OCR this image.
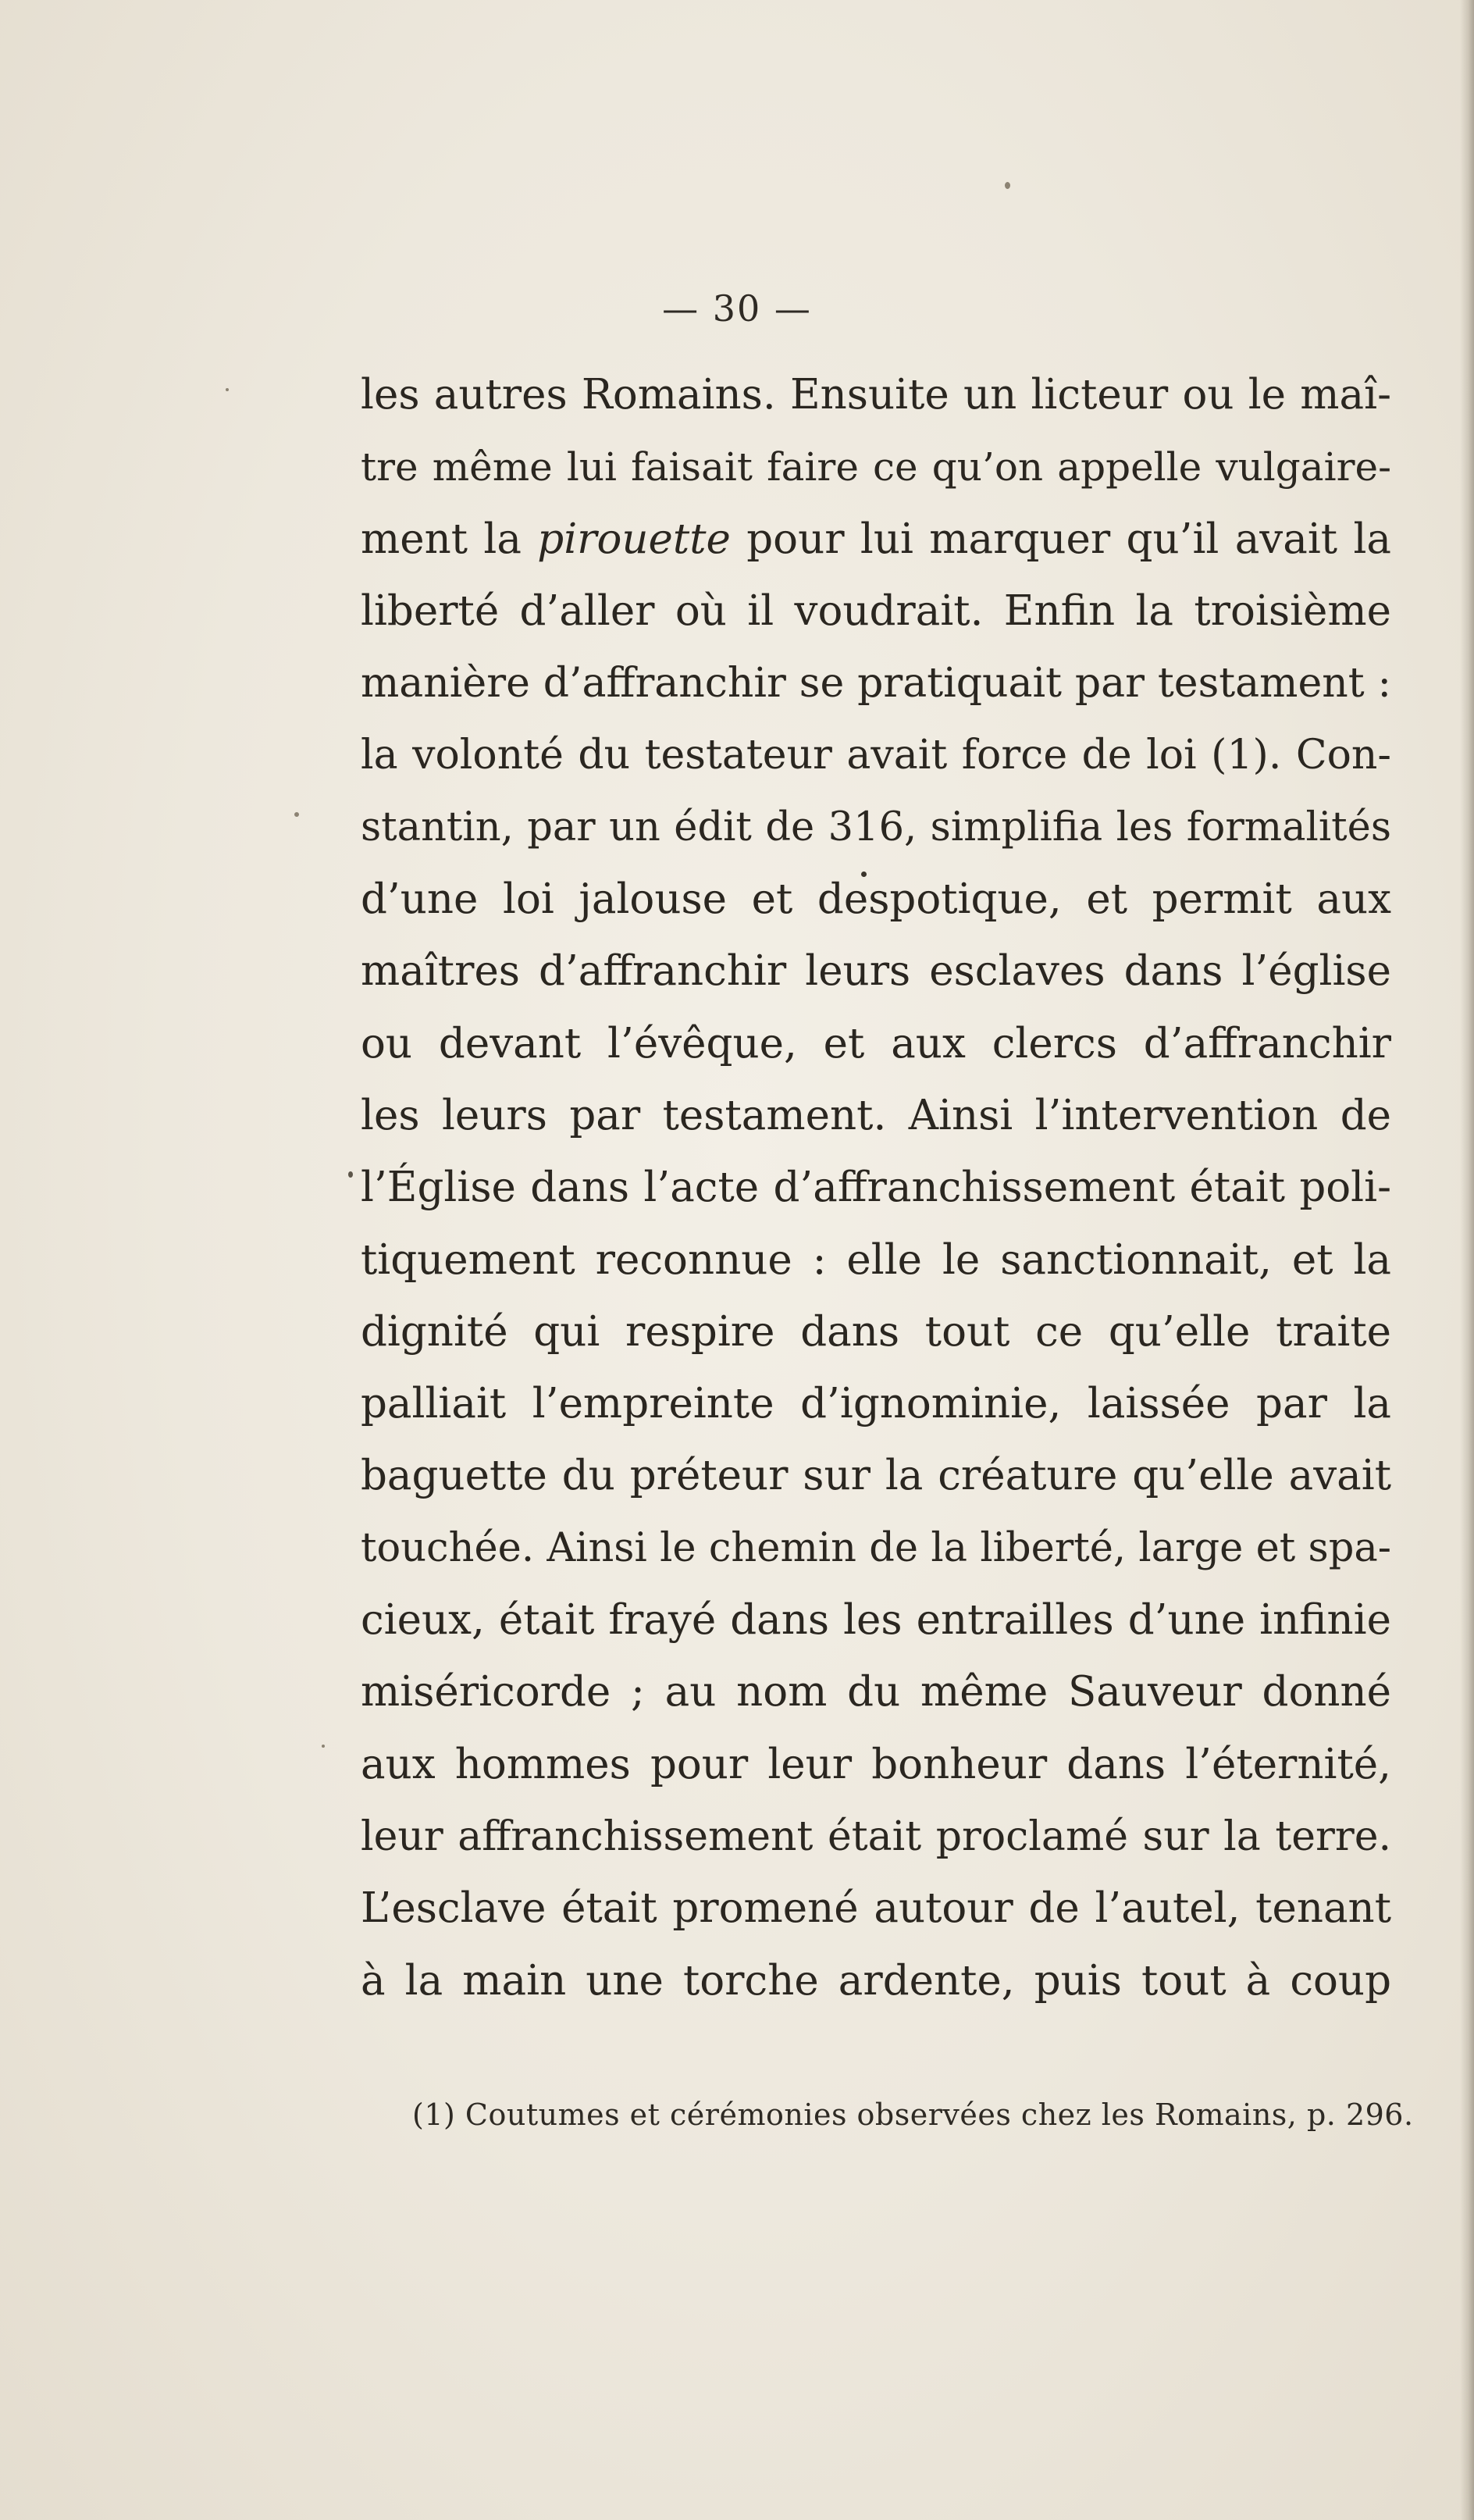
— 30 —
les autres Romains. Ensuite un licteur ou le maî-
tre même lui faisait faire ce qu’on appelle vulgaire-
ment la pirouette pour lui marquer qu’il avait la
liberté d’aller où il voudrait. Enfin la troisième
manière d’affranchir se pratiquait par testament :
la volonté du testateur avait force de loi (1). Con-
stantin, par un édit de 316, simplifia les formalités
d’une loi jalouse et despotique, et permit aux
maîtres d’affranchir leurs esclaves dans l’église
ou devant l’évêque, et aux clercs d’affranchir
les leurs par testament. Ainsi l’intervention de
l’Église dans l’acte d’affranchissement était poli-
tiquement reconnue : elle le sanctionnait, et la
dignité qui respire dans tout ce qu’elle traite
palliait l’empreinte d’ignominie, laissée par la
baguette du préteur sur la créature qu’elle avait
touchée. Ainsi le chemin de la liberté, large et spa-
cieux, était frayé dans les entrailles d’une infinie
miséricorde ; au nom du même Sauveur donné
aux hommes pour leur bonheur dans l’éternité,
leur affranchissement était proclamé sur la terre.
L’esclave était promené autour de l’autel, tenant
à la main une torche ardente, puis tout à coup
(1) Coutumes et cérémonies observées chez les Romains, p. 296.
